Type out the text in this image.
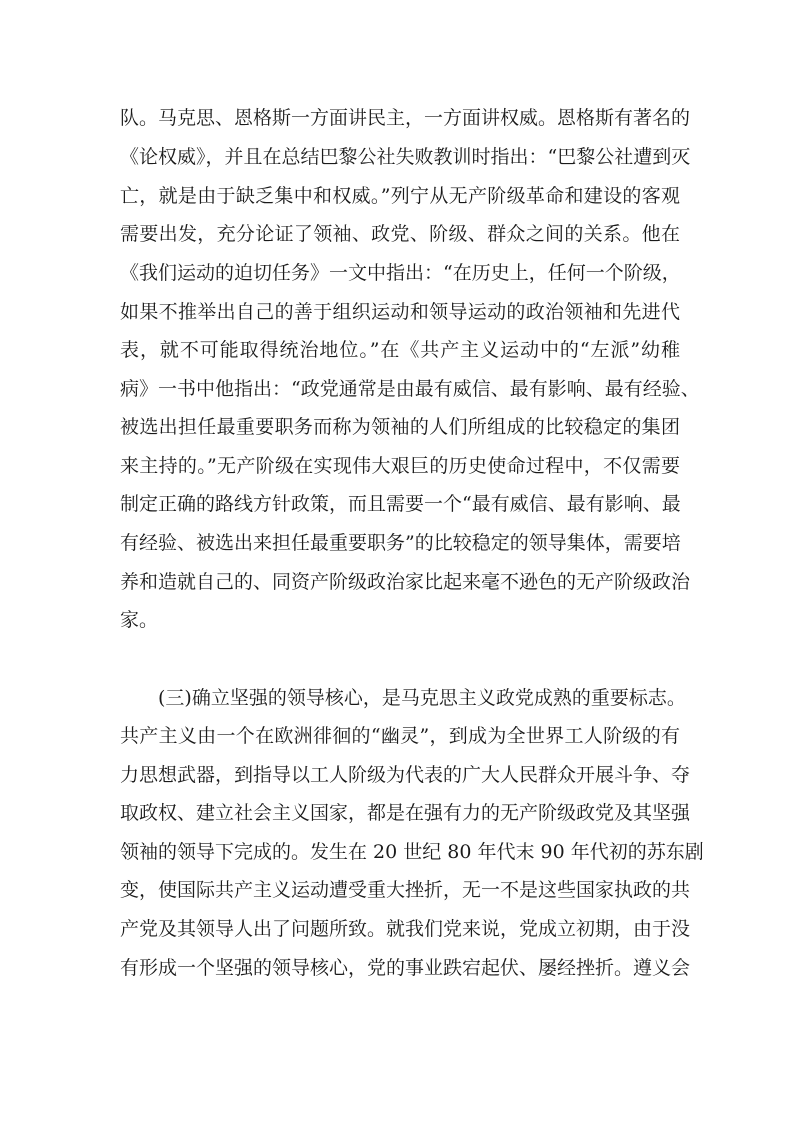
队。马克思、恩格斯一方面讲民主，一方面讲权威。恩格斯有著名的
《论权威》，并且在总结巴黎公社失败教训时指出：“巴黎公社遭到灭
亡，就是由于缺乏集中和权威。”列宁从无产阶级革命和建设的客观
需要出发，充分论证了领袖、政党、阶级、群众之间的关系。他在
《我们运动的迫切任务》一文中指出：“在历史上，任何一个阶级，
如果不推举出自己的善于组织运动和领导运动的政治领袖和先进代
表，就不可能取得统治地位。”在《共产主义运动中的“左派”幼稚
病》一书中他指出：“政党通常是由最有威信、最有影响、最有经验、
被选出担任最重要职务而称为领袖的人们所组成的比较稳定的集团
来主持的。”无产阶级在实现伟大艰巨的历史使命过程中，不仅需要
制定正确的路线方针政策，而且需要一个“最有威信、最有影响、最
有经验、被选出来担任最重要职务”的比较稳定的领导集体，需要培
养和造就自己的、同资产阶级政治家比起来毫不逊色的无产阶级政治
家。
(三)确立坚强的领导核心，是马克思主义政党成熟的重要标志。
共产主义由一个在欧洲徘徊的“幽灵”，到成为全世界工人阶级的有
力思想武器，到指导以工人阶级为代表的广大人民群众开展斗争、夺
取政权、建立社会主义国家，都是在强有力的无产阶级政党及其坚强
领袖的领导下完成的。发生在 20 世纪 80 年代末 90 年代初的苏东剧
变，使国际共产主义运动遭受重大挫折，无一不是这些国家执政的共
产党及其领导人出了问题所致。就我们党来说，党成立初期，由于没
有形成一个坚强的领导核心，党的事业跌宕起伏、屡经挫折。遵义会
